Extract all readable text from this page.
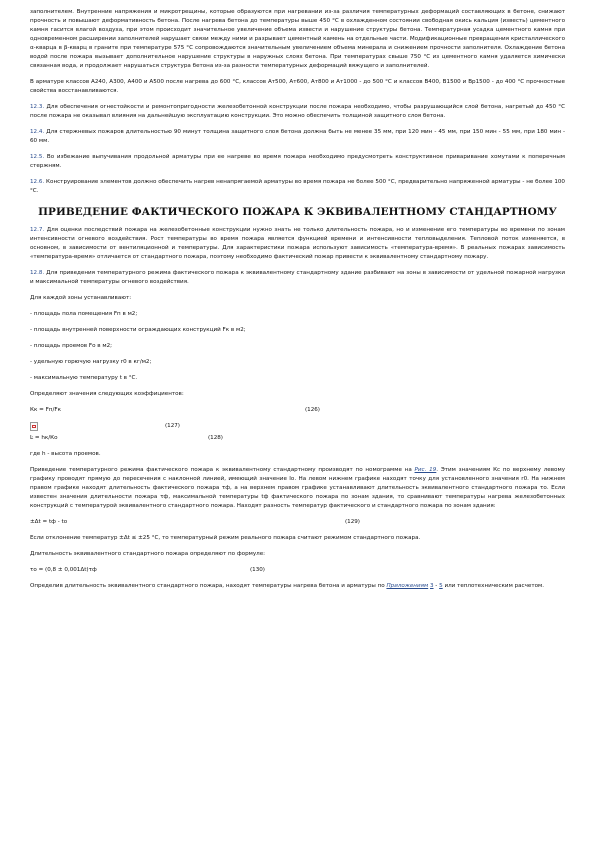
заполнителем. Внутренние напряжения и микротрещины, которые образуются при нагревании из-за различия температурных деформаций составляющих в бетоне, снижают прочность и повышают деформативность бетона. После нагрева бетона до температуры выше 450 °С в охлажденном состоянии свободная окись кальция (известь) цементного камня гасится влагой воздуха, при этом происходит значительное увеличение объема извести и нарушение структуры бетона. Температурная усадка цементного камня при одновременном расширении заполнителей нарушает связи между ними и разрывает цементный камень на отдельные части. Модификационные превращения кристаллического α-кварца в β-кварц в граните при температуре 575 °С сопровождаются значительным увеличением объема минерала и снижением прочности заполнителя. Охлаждение бетона водой после пожара вызывает дополнительное нарушение структуры в наружных слоях бетона. При температурах свыше 750 °С из цементного камня удаляется химически связанная вода, и продолжает нарушаться структура бетона из-за разности температурных деформаций вяжущего и заполнителей.

В арматуре классов А240, А300, А400 и А500 после нагрева до 600 °С, классов Ат500, Ат600, Ат800 и Ат1000 - до 500 °С и классов В400, В1500 и Вр1500 - до 400 °С прочностные свойства восстанавливаются.

12.3. Для обеспечения огнестойкости и ремонтопригодности железобетонной конструкции после пожара необходимо, чтобы разрушающийся слой бетона, нагретый до 450 °С после пожара не оказывал влияния на дальнейшую эксплуатацию конструкции. Это можно обеспечить толщиной защитного слоя бетона.

12.4. Для стержневых пожаров длительностью 90 минут толщина защитного слоя бетона должна быть не менее 35 мм, при 120 мин - 45 мм, при 150 мин - 55 мм, при 180 мин - 60 мм.

12.5. Во избежание выпучивания продольной арматуры при ее нагреве во время пожара необходимо предусмотреть конструктивное приваривание хомутами к поперечным стержням.

12.6. Конструирование элементов должно обеспечить нагрев ненапрягаемой арматуры во время пожара не более 500 °С, предварительно напряженной арматуры - не более 100 °С.

ПРИВЕДЕНИЕ ФАКТИЧЕСКОГО ПОЖАРА К ЭКВИВАЛЕНТНОМУ СТАНДАРТНОМУ

12.7. Для оценки последствий пожара на железобетонные конструкции нужно знать не только длительность пожара, но и изменение его температуры во времени по зонам интенсивности огневого воздействия. Рост температуры во время пожара является функцией времени и интенсивности тепловыделения. Тепловой поток изменяется, в основном, в зависимости от вентиляционной и температуры. Для характеристики пожара используют зависимость «температура-время». В реальных пожарах зависимость «температура-время» отличается от стандартного пожара, поэтому необходимо фактический пожар привести к эквивалентному стандартному пожару.

12.8. Для приведения температурного режима фактического пожара к эквивалентному стандартному здание разбивают на зоны в зависимости от удельной пожарной нагрузки и максимальной температуры огневого воздействия.

Для каждой зоны устанавливают:

- площадь пола помещения Fп в м2;

- площадь внутренней поверхности ограждающих конструкций Fк в м2;

- площадь проемов Fо в м2;

- удельную горючую нагрузку r0 в кг/м2;

- максимальную температуру t в °С.

Определяют значения следующих коэффициентов:

Кк = Fп/Fк	(126)
(127)
Ŀ = hк/Кo	(128)

где h - высота проемов.

Приведение температурного режима фактического пожара к эквивалентному стандартному производят по номограмме на Рис. 19. Этим значениям Кс по верхнему левому графику проводят прямую до пересечения с наклонной линией, имеющий значение Іо. На левом нижнем графике находят точку для установленного значения r0. На нижнем правом графике находят длительность фактического пожара τф, а на верхнем правом графике устанавливают длительность эквивалентного стандартного пожара τо. Если известен значения длительности пожара τф, максимальной температуры tф фактического пожара по зонам здания, то сравнивают температуры нагрева железобетонных конструкций с температурой эквивалентного стандартного пожара. Находят разность температур фактического и стандартного пожара по зонам здания:

±Δt = tф - tо	(129)

Если отклонение температур ±Δt ≤ ±25 °С, то температурный режим реального пожара считают режимом стандартного пожара.

Длительность эквивалентного стандартного пожара определяют по формуле:

τо = (0,8 ± 0,001Δt)τф	(130)

Определив длительность эквивалентного стандартного пожара, находят температуры нагрева бетона и арматуры по Приложениям 3 - 5 или теплотехническим расчетом.
